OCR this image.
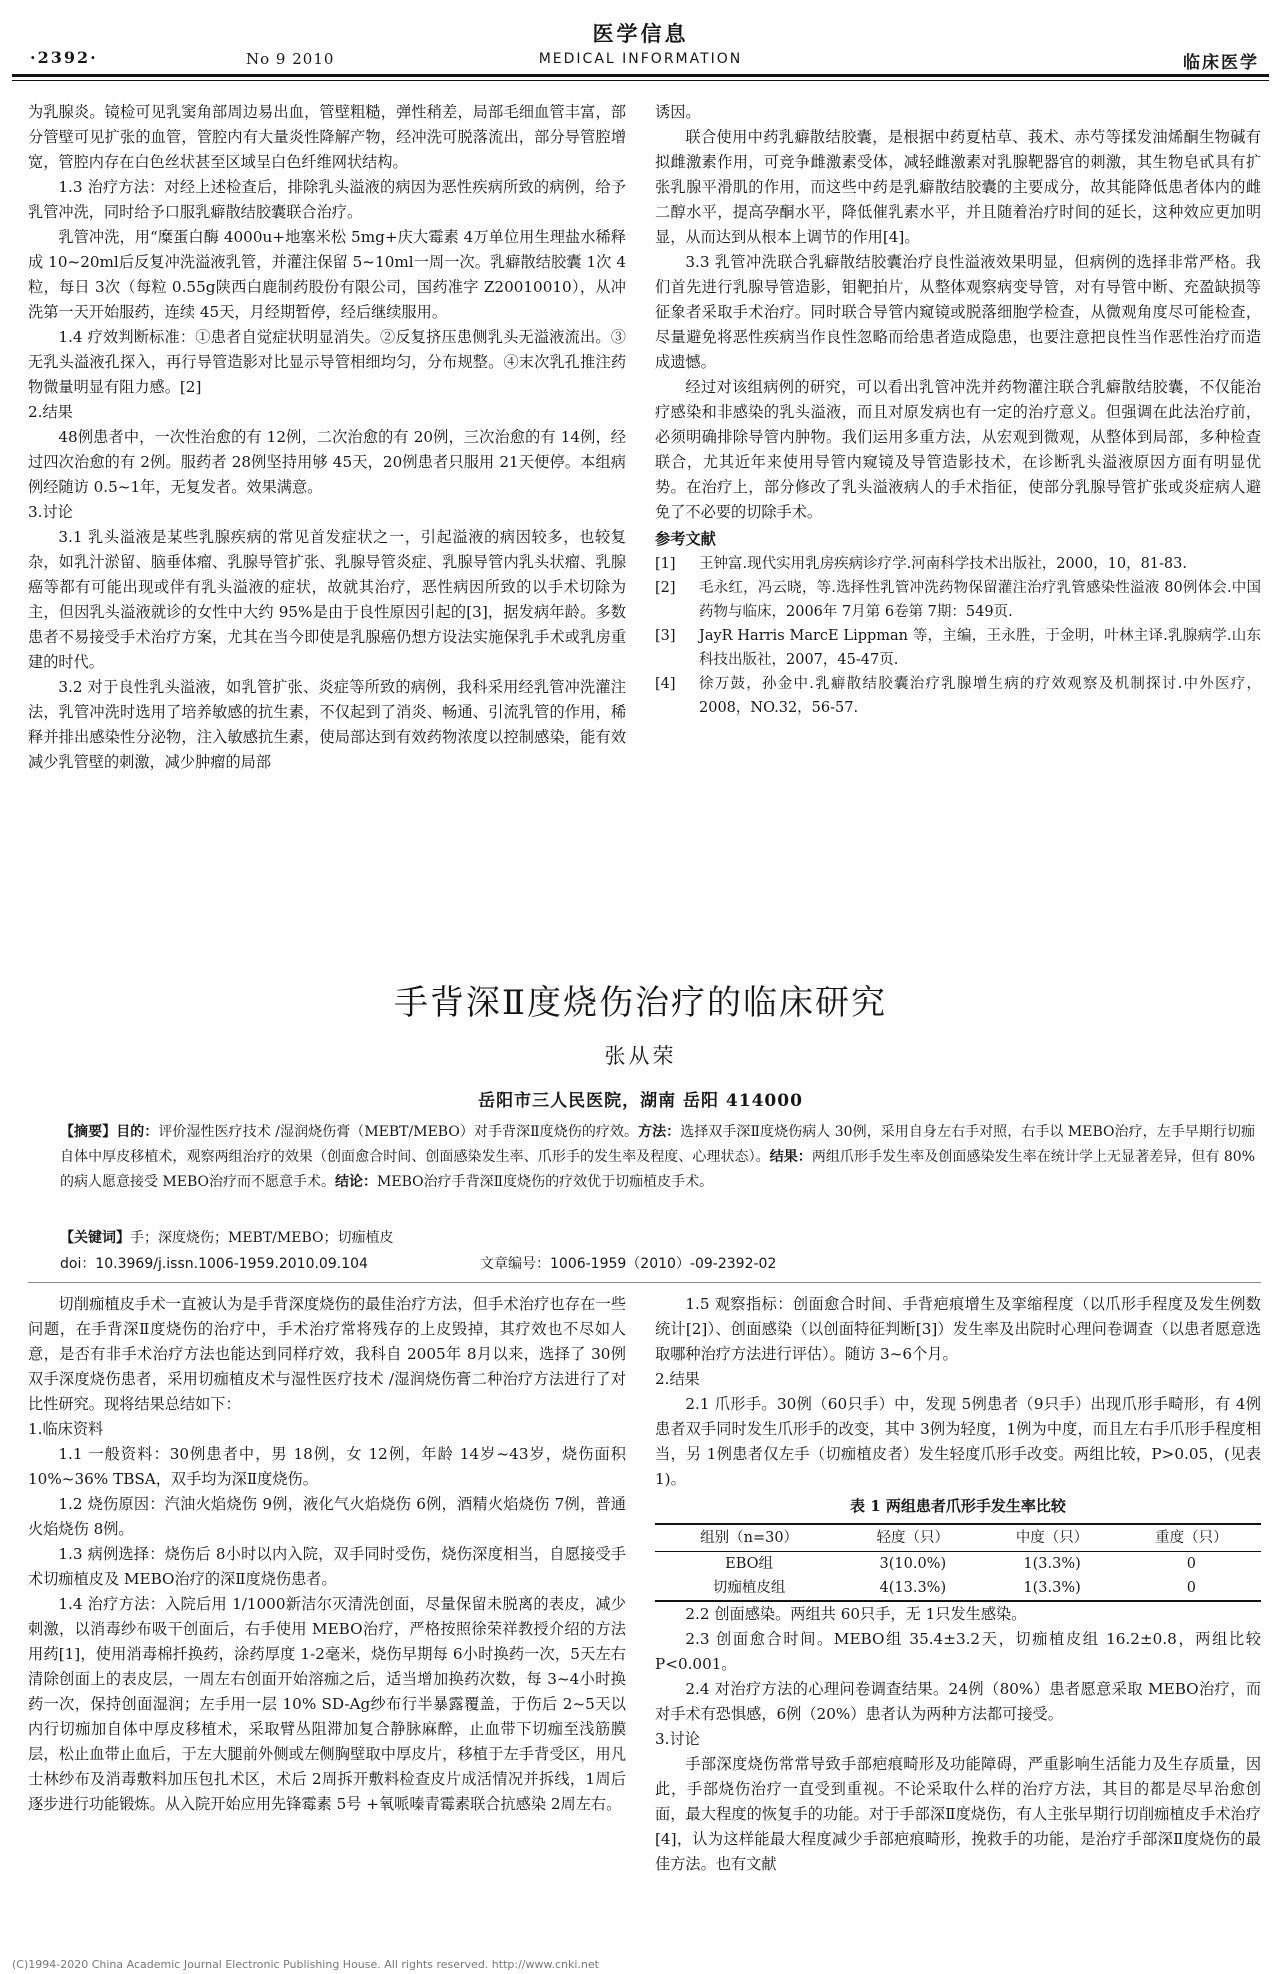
·2392·	No 9 2010
医学信息
MEDICAL INFORMATION	临床医学

为乳腺炎。镜检可见乳窦角部周边易出血，管壁粗糙，弹性稍差，局部毛细血管丰富，部分管壁可见扩张的血管，管腔内有大量炎性降解产物，经冲洗可脱落流出，部分导管腔增宽，管腔内存在白色丝状甚至区域呈白色纤维网状结构。

1.3 治疗方法：对经上述检查后，排除乳头溢液的病因为恶性疾病所致的病例，给予乳管冲洗，同时给予口服乳癖散结胶囊联合治疗。

乳管冲洗，用“糜蛋白酶 4000u+地塞米松 5mg+庆大霉素 4万单位用生理盐水稀释成 10~20ml后反复冲洗溢液乳管，并灌注保留 5~10ml一周一次。乳癖散结胶囊 1次 4粒，每日 3次（每粒 0.55g陕西白鹿制药股份有限公司，国药准字 Z20010010），从冲洗第一天开始服药，连续 45天，月经期暂停，经后继续服用。

1.4 疗效判断标准：①患者自觉症状明显消失。②反复挤压患侧乳头无溢液流出。③无乳头溢液孔探入，再行导管造影对比显示导管相细均匀，分布规整。④末次乳孔推注药物微量明显有阻力感。[2]

2.结果

48例患者中，一次性治愈的有 12例，二次治愈的有 20例，三次治愈的有 14例，经过四次治愈的有 2例。服药者 28例坚持用够 45天，20例患者只服用 21天便停。本组病例经随访 0.5~1年，无复发者。效果满意。

3.讨论

3.1 乳头溢液是某些乳腺疾病的常见首发症状之一，引起溢液的病因较多，也较复杂，如乳汁淤留、脑垂体瘤、乳腺导管扩张、乳腺导管炎症、乳腺导管内乳头状瘤、乳腺癌等都有可能出现或伴有乳头溢液的症状，故就其治疗，恶性病因所致的以手术切除为主，但因乳头溢液就诊的女性中大约 95%是由于良性原因引起的[3]，据发病年龄。多数患者不易接受手术治疗方案，尤其在当今即使是乳腺癌仍想方设法实施保乳手术或乳房重建的时代。

3.2 对于良性乳头溢液，如乳管扩张、炎症等所致的病例，我科采用经乳管冲洗灌注法，乳管冲洗时选用了培养敏感的抗生素，不仅起到了消炎、畅通、引流乳管的作用，稀释并排出感染性分泌物，注入敏感抗生素，使局部达到有效药物浓度以控制感染，能有效减少乳管壁的刺激，减少肿瘤的局部

诱因。

联合使用中药乳癖散结胶囊，是根据中药夏枯草、莪术、赤芍等揉发油烯酮生物碱有拟雌激素作用，可竞争雌激素受体，减轻雌激素对乳腺靶器官的刺激，其生物皂甙具有扩张乳腺平滑肌的作用，而这些中药是乳癖散结胶囊的主要成分，故其能降低患者体内的雌二醇水平，提高孕酮水平，降低催乳素水平，并且随着治疗时间的延长，这种效应更加明显，从而达到从根本上调节的作用[4]。

3.3 乳管冲洗联合乳癖散结胶囊治疗良性溢液效果明显，但病例的选择非常严格。我们首先进行乳腺导管造影，钼靶拍片，从整体观察病变导管，对有导管中断、充盈缺损等征象者采取手术治疗。同时联合导管内窥镜或脱落细胞学检查，从微观角度尽可能检查，尽量避免将恶性疾病当作良性忽略而给患者造成隐患，也要注意把良性当作恶性治疗而造成遗憾。

经过对该组病例的研究，可以看出乳管冲洗并药物灌注联合乳癖散结胶囊，不仅能治疗感染和非感染的乳头溢液，而且对原发病也有一定的治疗意义。但强调在此法治疗前，必须明确排除导管内肿物。我们运用多重方法，从宏观到微观，从整体到局部，多种检查联合，尤其近年来使用导管内窥镜及导管造影技术，在诊断乳头溢液原因方面有明显优势。在治疗上，部分修改了乳头溢液病人的手术指征，使部分乳腺导管扩张或炎症病人避免了不必要的切除手术。

参考文献
[1]	王钟富.现代实用乳房疾病诊疗学.河南科学技术出版社，2000，10，81-83.
[2]	毛永红，冯云晓，等.选择性乳管冲洗药物保留灌注治疗乳管感染性溢液 80例体会.中国药物与临床，2006年 7月第 6卷第 7期：549页.
[3]	JayR Harris MarcE Lippman 等，主编，王永胜，于金明，叶林主译.乳腺病学.山东科技出版社，2007，45-47页.
[4]	徐万鼓，孙金中.乳癖散结胶囊治疗乳腺增生病的疗效观察及机制探讨.中外医疗，2008，NO.32，56-57.
手背深Ⅱ度烧伤治疗的临床研究
张从荣
岳阳市三人民医院，湖南 岳阳 414000
【摘要】目的：评价湿性医疗技术 /湿润烧伤膏（MEBT/MEBO）对手背深Ⅱ度烧伤的疗效。方法：选择双手深Ⅱ度烧伤病人 30例，采用自身左右手对照，右手以 MEBO治疗，左手早期行切痂自体中厚皮移植术，观察两组治疗的效果（创面愈合时间、创面感染发生率、爪形手的发生率及程度、心理状态）。结果：两组爪形手发生率及创面感染发生率在统计学上无显著差异，但有 80%的病人愿意接受 MEBO治疗而不愿意手术。结论：MEBO治疗手背深Ⅱ度烧伤的疗效优于切痂植皮手术。
【关键词】手；深度烧伤；MEBT/MEBO；切痂植皮
doi：10.3969/j.issn.1006-1959.2010.09.104	文章编号：1006-1959（2010）-09-2392-02

切削痂植皮手术一直被认为是手背深度烧伤的最佳治疗方法，但手术治疗也存在一些问题，在手背深Ⅱ度烧伤的治疗中，手术治疗常将残存的上皮毁掉，其疗效也不尽如人意，是否有非手术治疗方法也能达到同样疗效，我科自 2005年 8月以来，选择了 30例双手深度烧伤患者，采用切痂植皮术与湿性医疗技术 /湿润烧伤膏二种治疗方法进行了对比性研究。现将结果总结如下：

1.临床资料

1.1 一般资料：30例患者中，男 18例，女 12例，年龄 14岁~43岁，烧伤面积 10%~36% TBSA，双手均为深Ⅱ度烧伤。

1.2 烧伤原因：汽油火焰烧伤 9例，液化气火焰烧伤 6例，酒精火焰烧伤 7例，普通火焰烧伤 8例。

1.3 病例选择：烧伤后 8小时以内入院，双手同时受伤，烧伤深度相当，自愿接受手术切痂植皮及 MEBO治疗的深Ⅱ度烧伤患者。

1.4 治疗方法：入院后用 1/1000新洁尔灭清洗创面，尽量保留未脱离的表皮，减少刺激，以消毒纱布吸干创面后，右手使用 MEBO治疗，严格按照徐荣祥教授介绍的方法用药[1]，使用消毒棉扦换药，涂药厚度 1-2毫米，烧伤早期每 6小时换药一次，5天左右清除创面上的表皮层，一周左右创面开始溶痂之后，适当增加换药次数，每 3~4小时换药一次，保持创面湿润；左手用一层 10% SD-Ag纱布行半暴露覆盖，于伤后 2~5天以内行切痂加自体中厚皮移植术，采取臂丛阻滞加复合静脉麻醉，止血带下切痂至浅筋膜层，松止血带止血后，于左大腿前外侧或左侧胸壁取中厚皮片，移植于左手背受区，用凡士林纱布及消毒敷料加压包扎术区，术后 2周拆开敷料检查皮片成活情况并拆线，1周后逐步进行功能锻炼。从入院开始应用先锋霉素 5号 +氧哌嗪青霉素联合抗感染 2周左右。

1.5 观察指标：创面愈合时间、手背疤痕增生及挛缩程度（以爪形手程度及发生例数统计[2]）、创面感染（以创面特征判断[3]）发生率及出院时心理问卷调查（以患者愿意选取哪种治疗方法进行评估）。随访 3~6个月。

2.结果

2.1 爪形手。30例（60只手）中，发现 5例患者（9只手）出现爪形手畸形，有 4例患者双手同时发生爪形手的改变，其中 3例为轻度，1例为中度，而且左右手爪形手程度相当，另 1例患者仅左手（切痂植皮者）发生轻度爪形手改变。两组比较，P>0.05，(见表 1)。

表 1 两组患者爪形手发生率比较
组别（n=30）	轻度（只）	中度（只）	重度（只）
EBO组	3(10.0%)	1(3.3%)	0
切痂植皮组	4(13.3%)	1(3.3%)	0

2.2 创面感染。两组共 60只手，无 1只发生感染。

2.3 创面愈合时间。MEBO组 35.4±3.2天，切痂植皮组 16.2±0.8，两组比较 P<0.001。

2.4 对治疗方法的心理问卷调查结果。24例（80%）患者愿意采取 MEBO治疗，而对手术有恐惧感，6例（20%）患者认为两种方法都可接受。

3.讨论

手部深度烧伤常常导致手部疤痕畸形及功能障碍，严重影响生活能力及生存质量，因此，手部烧伤治疗一直受到重视。不论采取什么样的治疗方法，其目的都是尽早治愈创面，最大程度的恢复手的功能。对于手部深Ⅱ度烧伤，有人主张早期行切削痂植皮手术治疗[4]，认为这样能最大程度减少手部疤痕畸形，挽救手的功能，是治疗手部深Ⅱ度烧伤的最佳方法。也有文献

(C)1994-2020 China Academic Journal Electronic Publishing House. All rights reserved. http://www.cnki.net
